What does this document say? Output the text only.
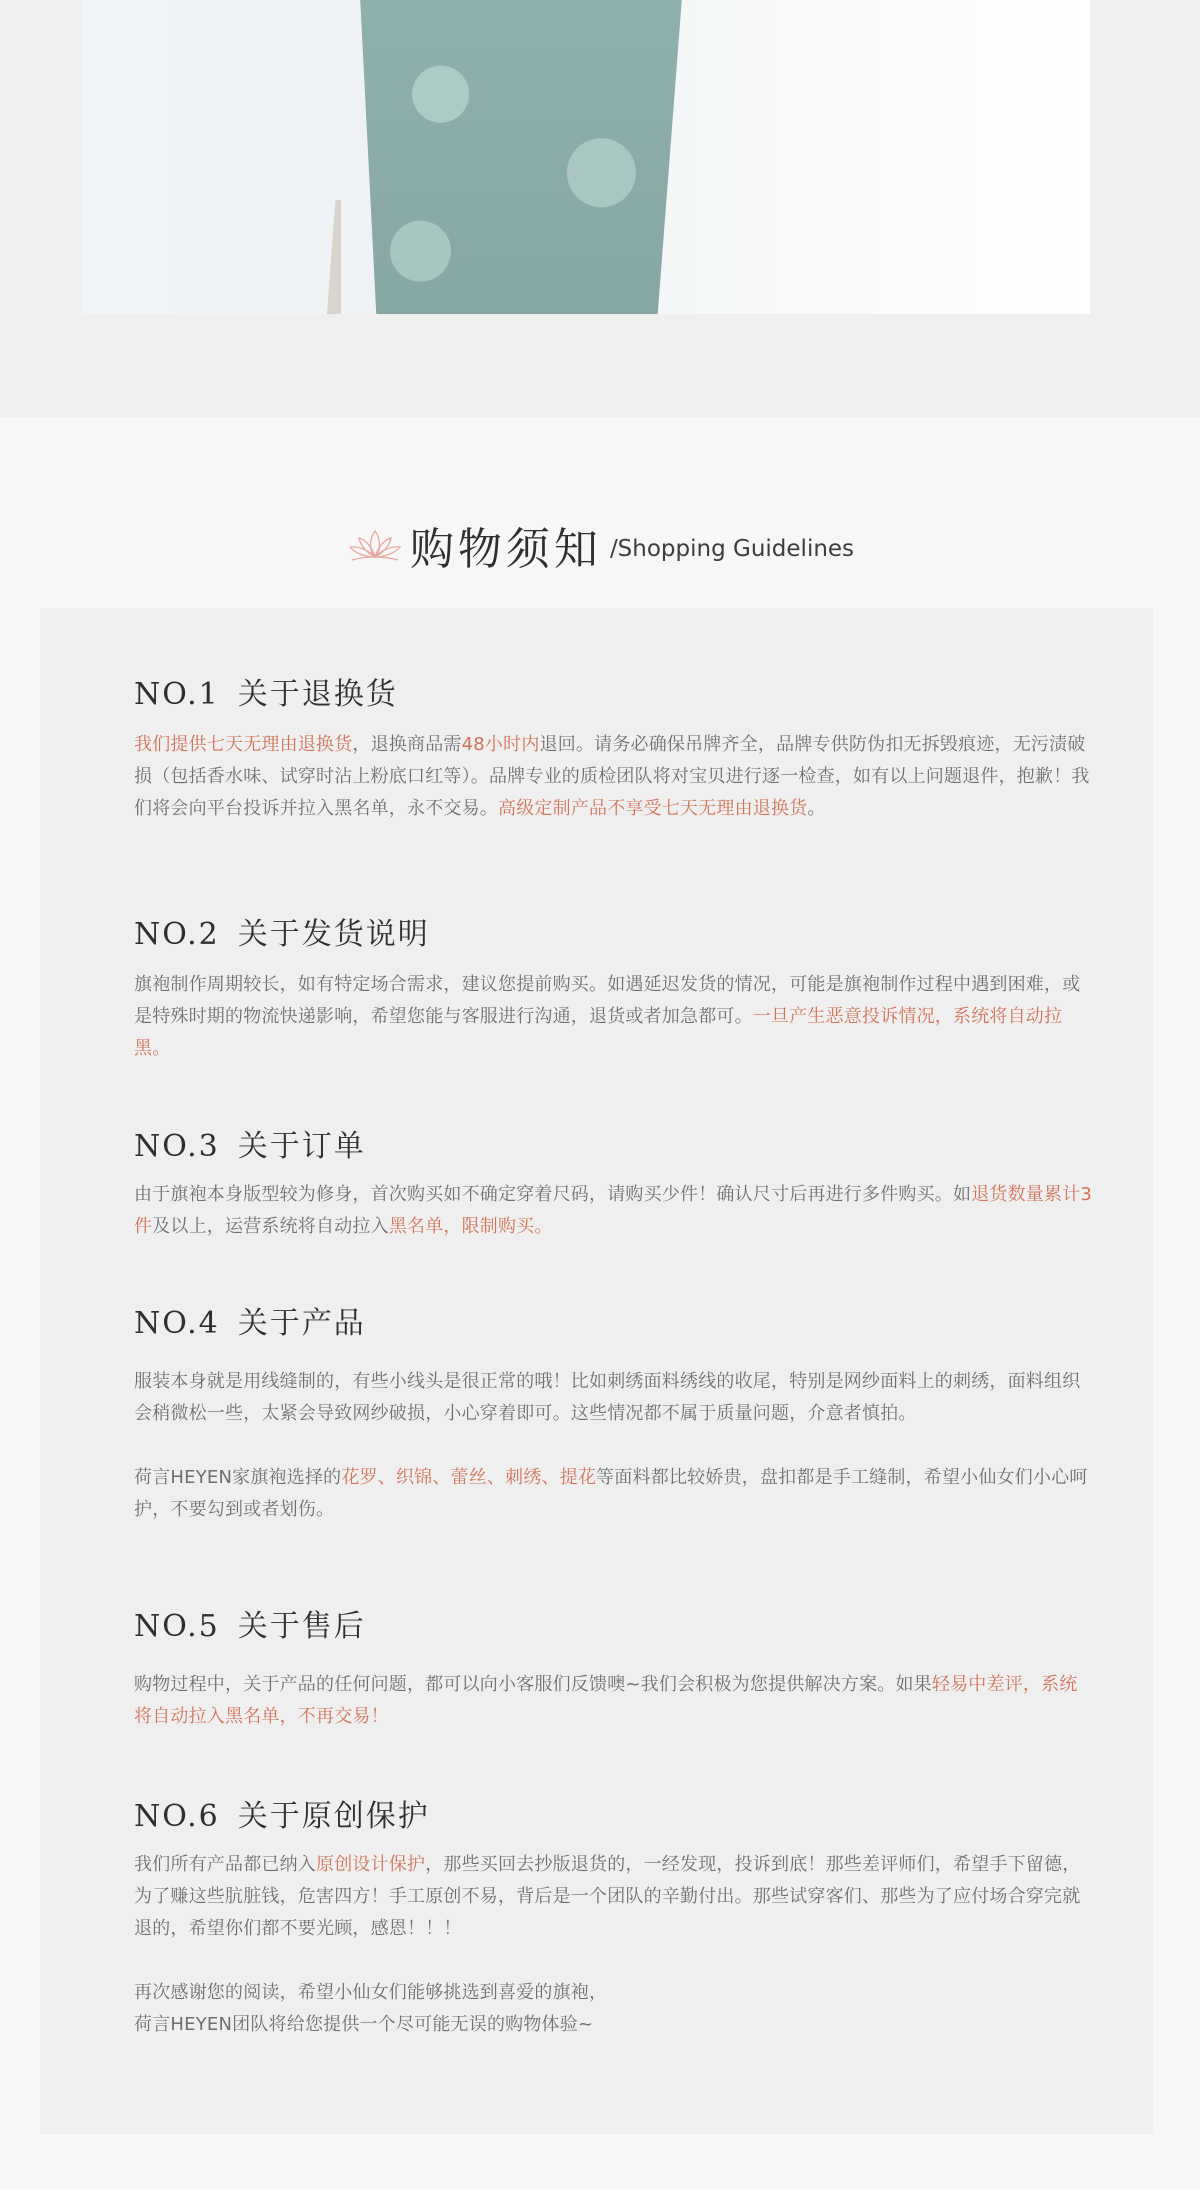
购物须知 /Shopping Guidelines
NO.1 关于退换货

我们提供七天无理由退换货，退换商品需48小时内退回。请务必确保吊牌齐全，品牌专供防伪扣无拆毁痕迹，无污渍破损（包括香水味、试穿时沾上粉底口红等）。品牌专业的质检团队将对宝贝进行逐一检查，如有以上问题退件，抱歉！我们将会向平台投诉并拉入黑名单，永不交易。高级定制产品不享受七天无理由退换货。

NO.2 关于发货说明

旗袍制作周期较长，如有特定场合需求，建议您提前购买。如遇延迟发货的情况，可能是旗袍制作过程中遇到困难，或是特殊时期的物流快递影响，希望您能与客服进行沟通，退货或者加急都可。一旦产生恶意投诉情况，系统将自动拉黑。

NO.3 关于订单

由于旗袍本身版型较为修身，首次购买如不确定穿着尺码，请购买少件！确认尺寸后再进行多件购买。如退货数量累计3件及以上，运营系统将自动拉入黑名单，限制购买。

NO.4 关于产品

服装本身就是用线缝制的，有些小线头是很正常的哦！比如刺绣面料绣线的收尾，特别是网纱面料上的刺绣，面料组织会稍微松一些，太紧会导致网纱破损，小心穿着即可。这些情况都不属于质量问题，介意者慎拍。

荷言HEYEN家旗袍选择的花罗、织锦、蕾丝、刺绣、提花等面料都比较娇贵，盘扣都是手工缝制，希望小仙女们小心呵护，不要勾到或者划伤。

NO.5 关于售后

购物过程中，关于产品的任何问题，都可以向小客服们反馈噢~我们会积极为您提供解决方案。如果轻易中差评，系统将自动拉入黑名单，不再交易！

NO.6 关于原创保护

我们所有产品都已纳入原创设计保护，那些买回去抄版退货的，一经发现，投诉到底！那些差评师们，希望手下留德，为了赚这些肮脏钱，危害四方！手工原创不易，背后是一个团队的辛勤付出。那些试穿客们、那些为了应付场合穿完就退的，希望你们都不要光顾，感恩！！！

再次感谢您的阅读，希望小仙女们能够挑选到喜爱的旗袍，
荷言HEYEN团队将给您提供一个尽可能无误的购物体验~
